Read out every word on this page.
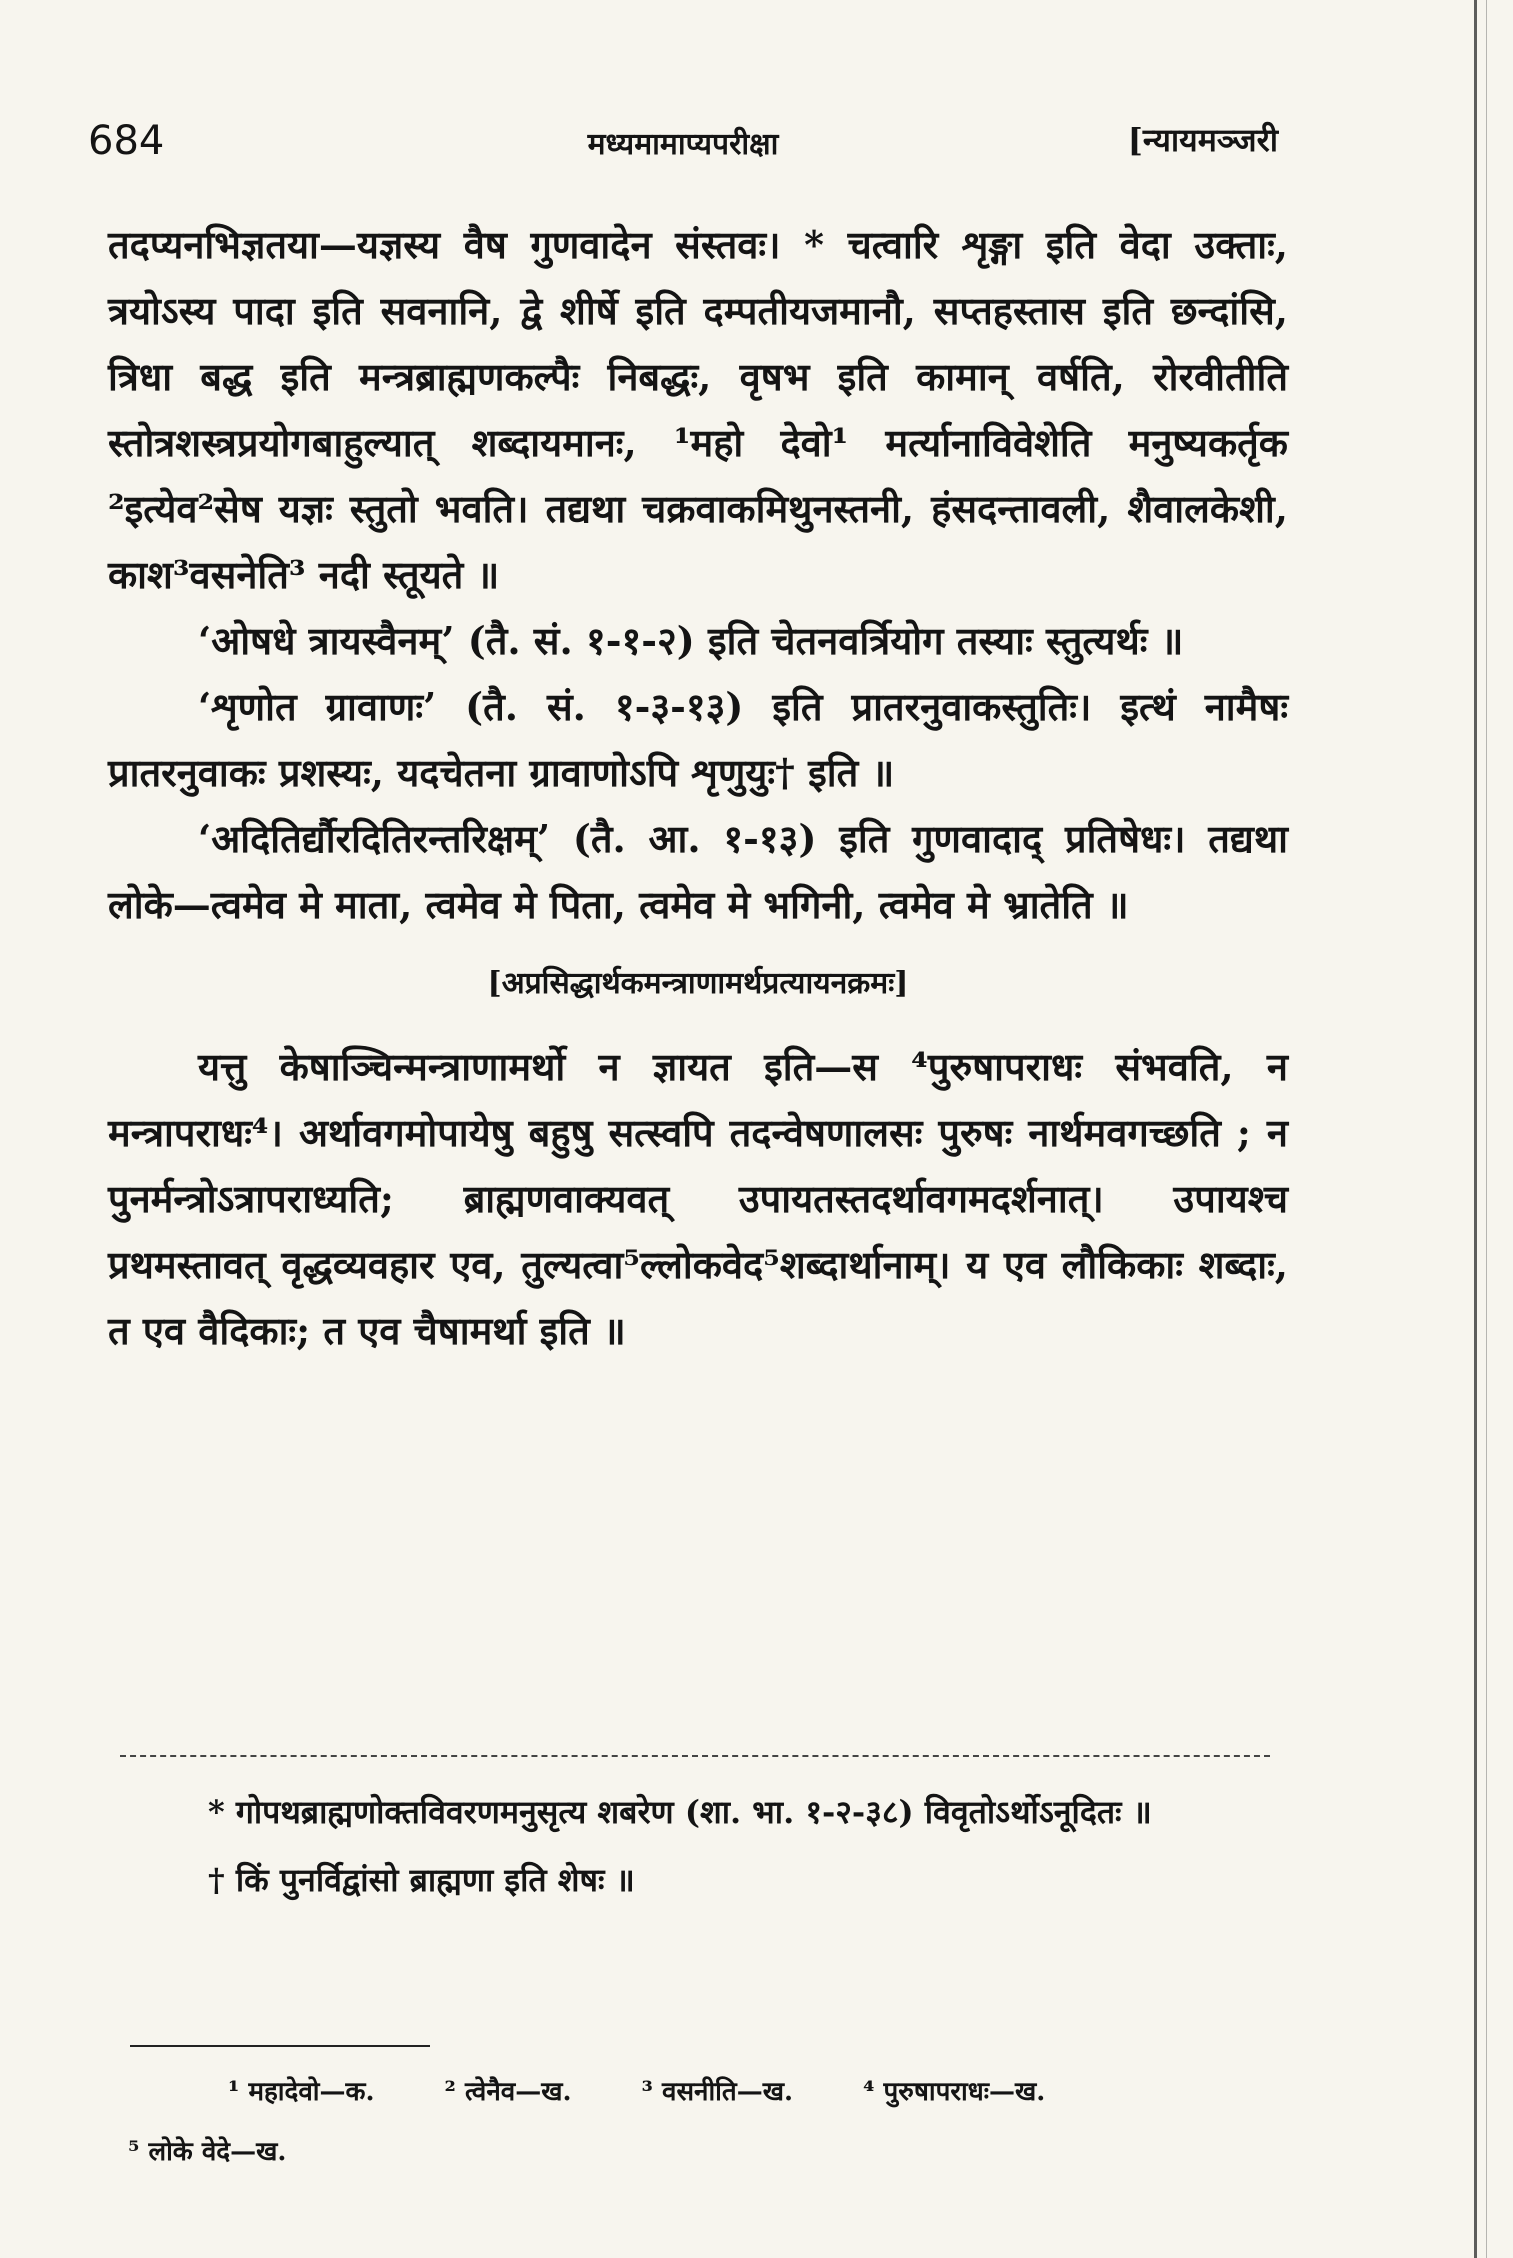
684	मध्यमामाप्यपरीक्षा	[न्यायमञ्जरी

तदप्यनभिज्ञतया—यज्ञस्य वैष गुणवादेन संस्तवः। * चत्वारि शृङ्गा इति वेदा उक्ताः, त्रयोऽस्य पादा इति सवनानि, द्वे शीर्षे इति दम्पतीयजमानौ, सप्तहस्तास इति छन्दांसि, त्रिधा बद्ध इति मन्त्रब्राह्मणकल्पैः निबद्धः, वृषभ इति कामान् वर्षति, रोरवीतीति स्तोत्रशस्त्रप्रयोगबाहुल्यात् शब्दायमानः, ¹महो देवो¹ मर्त्यानाविवेशेति मनुष्यकर्तृक ²इत्येव²सेष यज्ञः स्तुतो भवति। तद्यथा चक्रवाकमिथुनस्तनी, हंसदन्तावली, शैवालकेशी, काश³वसनेति³ नदी स्तूयते ॥

‘ओषधे त्रायस्वैनम्’ (तै. सं. १-१-२) इति चेतनवर्त्रियोग तस्याः स्तुत्यर्थः ॥

‘शृणोत ग्रावाणः’ (तै. सं. १-३-१३) इति प्रातरनुवाकस्तुतिः। इत्थं नामैषः प्रातरनुवाकः प्रशस्यः, यदचेतना ग्रावाणोऽपि शृणुयुः† इति ॥

‘अदितिर्द्यौरदितिरन्तरिक्षम्’ (तै. आ. १-१३) इति गुणवादाद् प्रतिषेधः। तद्यथा लोके—त्वमेव मे माता, त्वमेव मे पिता, त्वमेव मे भगिनी, त्वमेव मे भ्रातेति ॥

[अप्रसिद्धार्थकमन्त्राणामर्थप्रत्यायनक्रमः]

यत्तु केषाञ्चिन्मन्त्राणामर्थो न ज्ञायत इति—स ⁴पुरुषापराधः संभवति, न मन्त्रापराधः⁴। अर्थावगमोपायेषु बहुषु सत्स्वपि तदन्वेषणालसः पुरुषः नार्थमवगच्छति ; न पुनर्मन्त्रोऽत्रापराध्यति; ब्राह्मणवाक्यवत् उपायतस्तदर्थावगमदर्शनात्। उपायश्च प्रथमस्तावत् वृद्धव्यवहार एव, तुल्यत्वा⁵ल्लोकवेद⁵शब्दार्थानाम्। य एव लौकिकाः शब्दाः, त एव वैदिकाः; त एव चैषामर्था इति ॥

* गोपथब्राह्मणोक्तविवरणमनुसृत्य शबरेण (शा. भा. १-२-३८) विवृतोऽर्थोऽनूदितः ॥

† किं पुनर्विद्वांसो ब्राह्मणा इति शेषः ॥

¹ महादेवो—क.	² त्वेनैव—ख.	³ वसनीति—ख.	⁴ पुरुषापराधः—ख.
⁵ लोके वेदे—ख.
